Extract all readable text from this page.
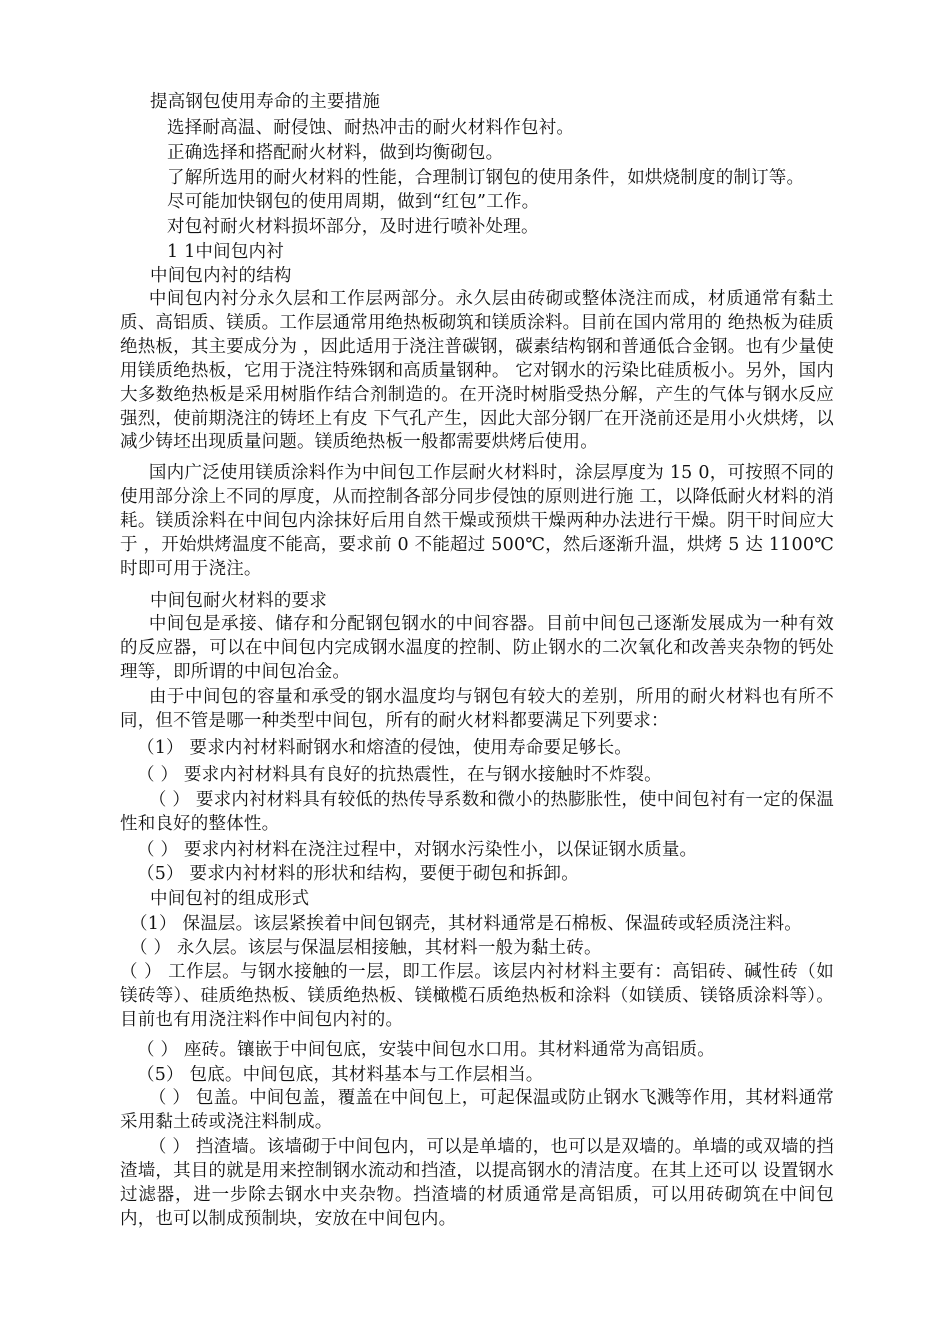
提高钢包使用寿命的主要措施
选择耐高温、耐侵蚀、耐热冲击的耐火材料作包衬。
正确选择和搭配耐火材料，做到均衡砌包。
了解所选用的耐火材料的性能，合理制订钢包的使用条件，如烘烧制度的制订等。
尽可能加快钢包的使用周期，做到“红包”工作。
对包衬耐火材料损坏部分，及时进行喷补处理。
1 1中间包内衬
中间包内衬的结构

中间包内衬分永久层和工作层两部分。永久层由砖砌或整体浇注而成，材质通常有黏土质、高铝质、镁质。工作层通常用绝热板砌筑和镁质涂料。目前在国内常用的 绝热板为硅质绝热板，其主要成分为 ，因此适用于浇注普碳钢，碳素结构钢和普通低合金钢。也有少量使用镁质绝热板，它用于浇注特殊钢和高质量钢种。 它对钢水的污染比硅质板小。另外，国内大多数绝热板是采用树脂作结合剂制造的。在开浇时树脂受热分解，产生的气体与钢水反应强烈，使前期浇注的铸坯上有皮 下气孔产生，因此大部分钢厂在开浇前还是用小火烘烤，以减少铸坯出现质量问题。镁质绝热板一般都需要烘烤后使用。

国内广泛使用镁质涂料作为中间包工作层耐火材料时，涂层厚度为 15 0，可按照不同的使用部分涂上不同的厚度，从而控制各部分同步侵蚀的原则进行施 工，以降低耐火材料的消耗。镁质涂料在中间包内涂抹好后用自然干燥或预烘干燥两种办法进行干燥。阴干时间应大于 ，开始烘烤温度不能高，要求前 0 不能超过 500℃，然后逐渐升温，烘烤 5 达 1100℃时即可用于浇注。

中间包耐火材料的要求

中间包是承接、储存和分配钢包钢水的中间容器。目前中间包己逐渐发展成为一种有效的反应器，可以在中间包内完成钢水温度的控制、防止钢水的二次氧化和改善夹杂物的钙处理等，即所谓的中间包冶金。

由于中间包的容量和承受的钢水温度均与钢包有较大的差别，所用的耐火材料也有所不同，但不管是哪一种类型中间包，所有的耐火材料都要满足下列要求：

（1） 要求内衬材料耐钢水和熔渣的侵蚀，使用寿命要足够长。
（ ） 要求内衬材料具有良好的抗热震性，在与钢水接触时不炸裂。

（ ） 要求内衬材料具有较低的热传导系数和微小的热膨胀性，使中间包衬有一定的保温性和良好的整体性。

（ ） 要求内衬材料在浇注过程中，对钢水污染性小，以保证钢水质量。
（5） 要求内衬材料的形状和结构，要便于砌包和拆卸。
中间包衬的组成形式
（1） 保温层。该层紧挨着中间包钢壳，其材料通常是石棉板、保温砖或轻质浇注料。
（ ） 永久层。该层与保温层相接触，其材料一般为黏土砖。

（ ） 工作层。与钢水接触的一层，即工作层。该层内衬材料主要有：高铝砖、碱性砖（如镁砖等）、硅质绝热板、镁质绝热板、镁橄榄石质绝热板和涂料（如镁质、镁铬质涂料等）。目前也有用浇注料作中间包内衬的。

（ ） 座砖。镶嵌于中间包底，安装中间包水口用。其材料通常为高铝质。
（5） 包底。中间包底，其材料基本与工作层相当。

（ ） 包盖。中间包盖，覆盖在中间包上，可起保温或防止钢水飞溅等作用，其材料通常采用黏土砖或浇注料制成。

（ ） 挡渣墙。该墙砌于中间包内，可以是单墙的，也可以是双墙的。单墙的或双墙的挡渣墙，其目的就是用来控制钢水流动和挡渣，以提高钢水的清洁度。在其上还可以 设置钢水过滤器，进一步除去钢水中夹杂物。挡渣墙的材质通常是高铝质，可以用砖砌筑在中间包内，也可以制成预制块，安放在中间包内。
